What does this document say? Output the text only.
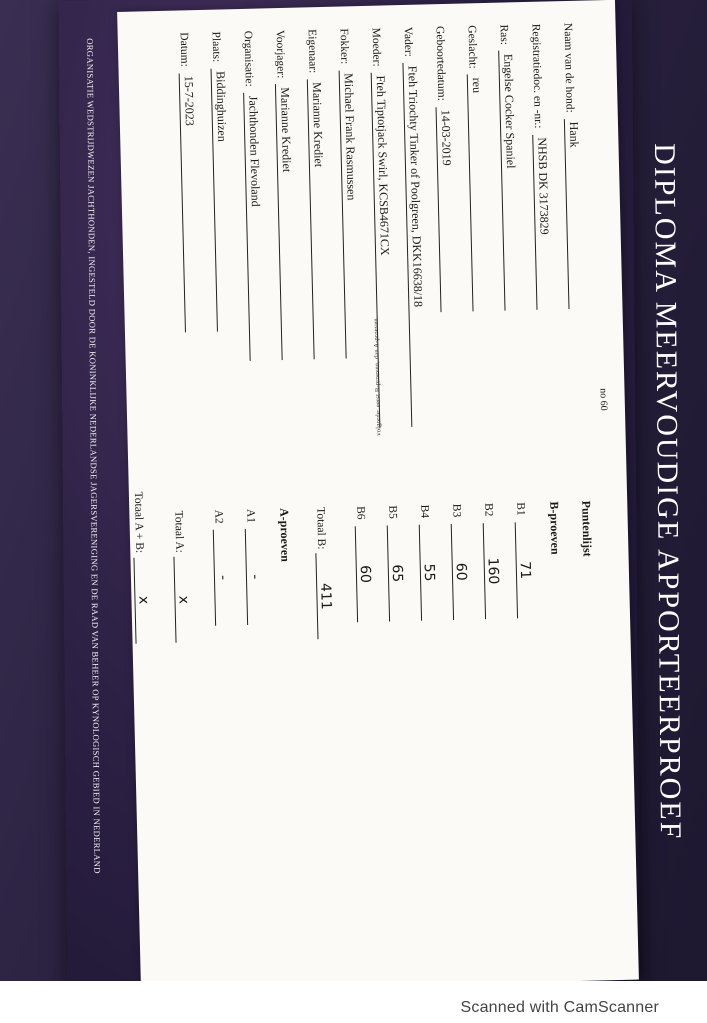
DIPLOMA MEERVOUDIGE APPORTEERPROEF
ORGANISATIE WEDSTRIJDWEZEN JACHTHONDEN, INGESTELD DOOR DE KONINKLIJKE NEDERLANDSE JAGERSVERENIGING EN DE RAAD VAN BEHEER OP KYNOLOGISCH GEBIED IN NEDERLAND	no 60
Naam van de hond:
Hank
Registratiedoc. en -nr.:
NHSB DK 3173829
Ras:
Engelse Cocker Spaniel
Geslacht:
reu
Geboortedatum:
14-03-2019
Vader:
Fteh Triochty Tinker of Poolgreen, DKK16638/18
Moeder:
Fteh Tiptotjack Swirl, KCSB4671CX
Fokker:
Michael Frank Rasmussen
Eigenaar:
Marianne Krediet
Voorjager:
Marianne Krediet
Organisatie:
Jachthonden Flevoland
Plaats:
Biddinghuizen
Datum:
15-7-2023
Puntenlijst
B-proeven
B1
71
B2
160
B3
60
B4
55
B5
65
B6
60
Totaal B:
411
A-proeven
A1
-
A2
-
Totaal A:
x
Totaal A + B:
x
volgorde: eerst B-proeven, dan A-proeven
Scanned with CamScanner
